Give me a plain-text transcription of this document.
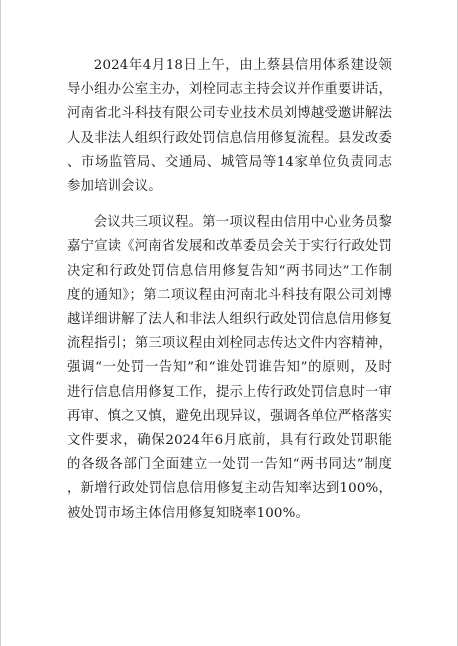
2024年4月18日上午，由上蔡县信用体系建设领导小组办公室主办，刘栓同志主持会议并作重要讲话，河南省北斗科技有限公司专业技术员刘博越受邀讲解法人及非法人组织行政处罚信息信用修复流程。县发改委、市场监管局、交通局、城管局等14家单位负责同志参加培训会议。

会议共三项议程。第一项议程由信用中心业务员黎嘉宁宣读《河南省发展和改革委员会关于实行行政处罚决定和行政处罚信息信用修复告知“两书同达”工作制度的通知》；第二项议程由河南北斗科技有限公司刘博越详细讲解了法人和非法人组织行政处罚信息信用修复流程指引；第三项议程由刘栓同志传达文件内容精神，强调“一处罚一告知”和“谁处罚谁告知”的原则，及时进行信息信用修复工作，提示上传行政处罚信息时一审再审、慎之又慎，避免出现异议，强调各单位严格落实文件要求，确保2024年6月底前，具有行政处罚职能的各级各部门全面建立一处罚一告知“两书同达”制度，新增行政处罚信息信用修复主动告知率达到100%，被处罚市场主体信用修复知晓率100%。
